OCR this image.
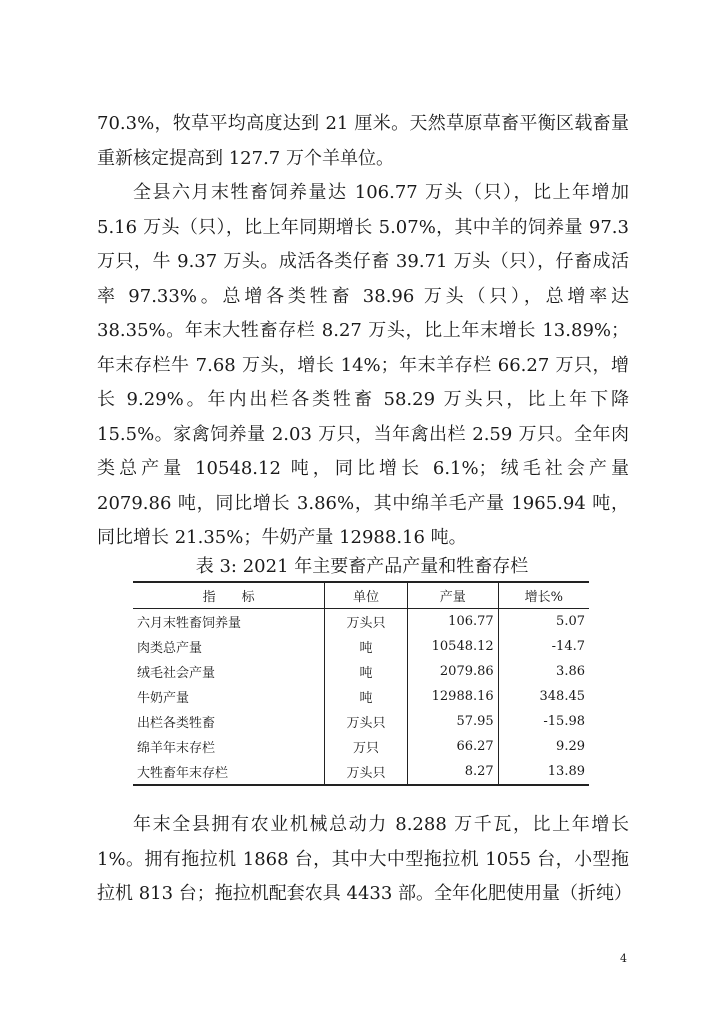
70.3%，牧草平均高度达到 21 厘米。天然草原草畜平衡区载畜量重新核定提高到 127.7 万个羊单位。

全县六月末牲畜饲养量达 106.77 万头（只），比上年增加 5.16 万头（只），比上年同期增长 5.07%，其中羊的饲养量 97.3 万只，牛 9.37 万头。成活各类仔畜 39.71 万头（只），仔畜成活率 97.33%。总增各类牲畜 38.96 万头（只），总增率达 38.35%。年末大牲畜存栏 8.27 万头，比上年末增长 13.89%；年末存栏牛 7.68 万头，增长 14%；年末羊存栏 66.27 万只，增长 9.29%。年内出栏各类牲畜 58.29 万头只，比上年下降 15.5%。家禽饲养量 2.03 万只，当年禽出栏 2.59 万只。全年肉类总产量 10548.12 吨，同比增长 6.1%；绒毛社会产量 2079.86 吨，同比增长 3.86%，其中绵羊毛产量 1965.94 吨，同比增长 21.35%；牛奶产量 12988.16 吨。

表 3: 2021 年主要畜产品产量和牲畜存栏
指　　标	单位	产量	增长%
六月末牲畜饲养量	万头只	106.77	5.07
肉类总产量	吨	10548.12	-14.7
绒毛社会产量	吨	2079.86	3.86
牛奶产量	吨	12988.16	348.45
出栏各类牲畜	万头只	57.95	-15.98
绵羊年末存栏	万只	66.27	9.29
大牲畜年末存栏	万头只	8.27	13.89

年末全县拥有农业机械总动力 8.288 万千瓦，比上年增长 1%。拥有拖拉机 1868 台，其中大中型拖拉机 1055 台，小型拖拉机 813 台；拖拉机配套农具 4433 部。全年化肥使用量（折纯）

4
